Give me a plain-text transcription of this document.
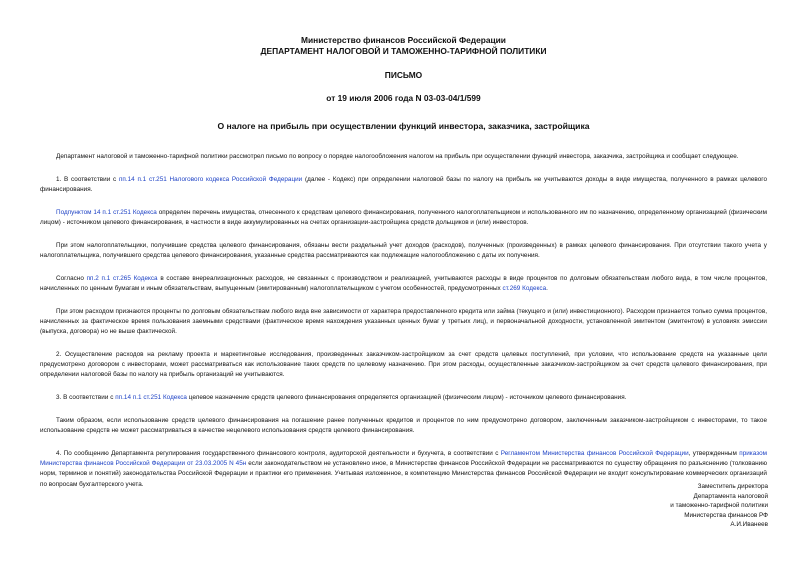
Министерство финансов Российской Федерации
ДЕПАРТАМЕНТ НАЛОГОВОЙ И ТАМОЖЕННО-ТАРИФНОЙ ПОЛИТИКИ
ПИСЬМО
от 19 июля 2006 года N 03-03-04/1/599
О налоге на прибыль при осуществлении функций инвестора, заказчика, застройщика

Департамент налоговой и таможенно-тарифной политики рассмотрел письмо по вопросу о порядке налогообложения налогом на прибыль при осуществлении функций инвестора, заказчика, застройщика и сообщает следующее.

1. В соответствии с пп.14 п.1 ст.251 Налогового кодекса Российской Федерации (далее - Кодекс) при определении налоговой базы по налогу на прибыль не учитываются доходы в виде имущества, полученного в рамках целевого финансирования.

Подпунктом 14 п.1 ст.251 Кодекса определен перечень имущества, отнесенного к средствам целевого финансирования, полученного налогоплательщиком и использованного им по назначению, определенному организацией (физическим лицом) - источником целевого финансирования, в частности в виде аккумулированных на счетах организации-застройщика средств дольщиков и (или) инвесторов.

При этом налогоплательщики, получившие средства целевого финансирования, обязаны вести раздельный учет доходов (расходов), полученных (произведенных) в рамках целевого финансирования. При отсутствии такого учета у налогоплательщика, получившего средства целевого финансирования, указанные средства рассматриваются как подлежащие налогообложению с даты их получения.

Согласно пп.2 п.1 ст.265 Кодекса в составе внереализационных расходов, не связанных с производством и реализацией, учитываются расходы в виде процентов по долговым обязательствам любого вида, в том числе процентов, начисленных по ценным бумагам и иным обязательствам, выпущенным (эмитированным) налогоплательщиком с учетом особенностей, предусмотренных ст.269 Кодекса.

При этом расходом признаются проценты по долговым обязательствам любого вида вне зависимости от характера предоставленного кредита или займа (текущего и (или) инвестиционного). Расходом признается только сумма процентов, начисленных за фактическое время пользования заемными средствами (фактическое время нахождения указанных ценных бумаг у третьих лиц), и первоначальной доходности, установленной эмитентом (эмитентом) в условиях эмиссии (выпуска, договора) но не выше фактической.

2. Осуществление расходов на рекламу проекта и маркетинговые исследования, произведенных заказчиком-застройщиком за счет средств целевых поступлений, при условии, что использование средств на указанные цели предусмотрено договором с инвесторами, может рассматриваться как использование таких средств по целевому назначению. При этом расходы, осуществленные заказчиком-застройщиком за счет средств целевого финансирования, при определении налоговой базы по налогу на прибыль организаций не учитываются.

3. В соответствии с пп.14 п.1 ст.251 Кодекса целевое назначение средств целевого финансирования определяется организацией (физическим лицом) - источником целевого финансирования.

Таким образом, если использование средств целевого финансирования на погашение ранее полученных кредитов и процентов по ним предусмотрено договором, заключенным заказчиком-застройщиком с инвесторами, то такое использование средств не может рассматриваться в качестве нецелевого использования средств целевого финансирования.

4. По сообщению Департамента регулирования государственного финансового контроля, аудиторской деятельности и бухучета, в соответствии с Регламентом Министерства финансов Российской Федерации, утвержденным приказом Министерства финансов Российской Федерации от 23.03.2005 N 45н если законодательством не установлено иное, в Министерстве финансов Российской Федерации не рассматриваются по существу обращения по разъяснению (толкованию норм, терминов и понятий) законодательства Российской Федерации и практики его применения. Учитывая изложенное, в компетенцию Министерства финансов Российской Федерации не входит консультирование коммерческих организаций по вопросам бухгалтерского учета.	Заместитель директора
Департамента налоговой
и таможенно-тарифной политики
Министерства финансов РФ
А.И.Иванеев
